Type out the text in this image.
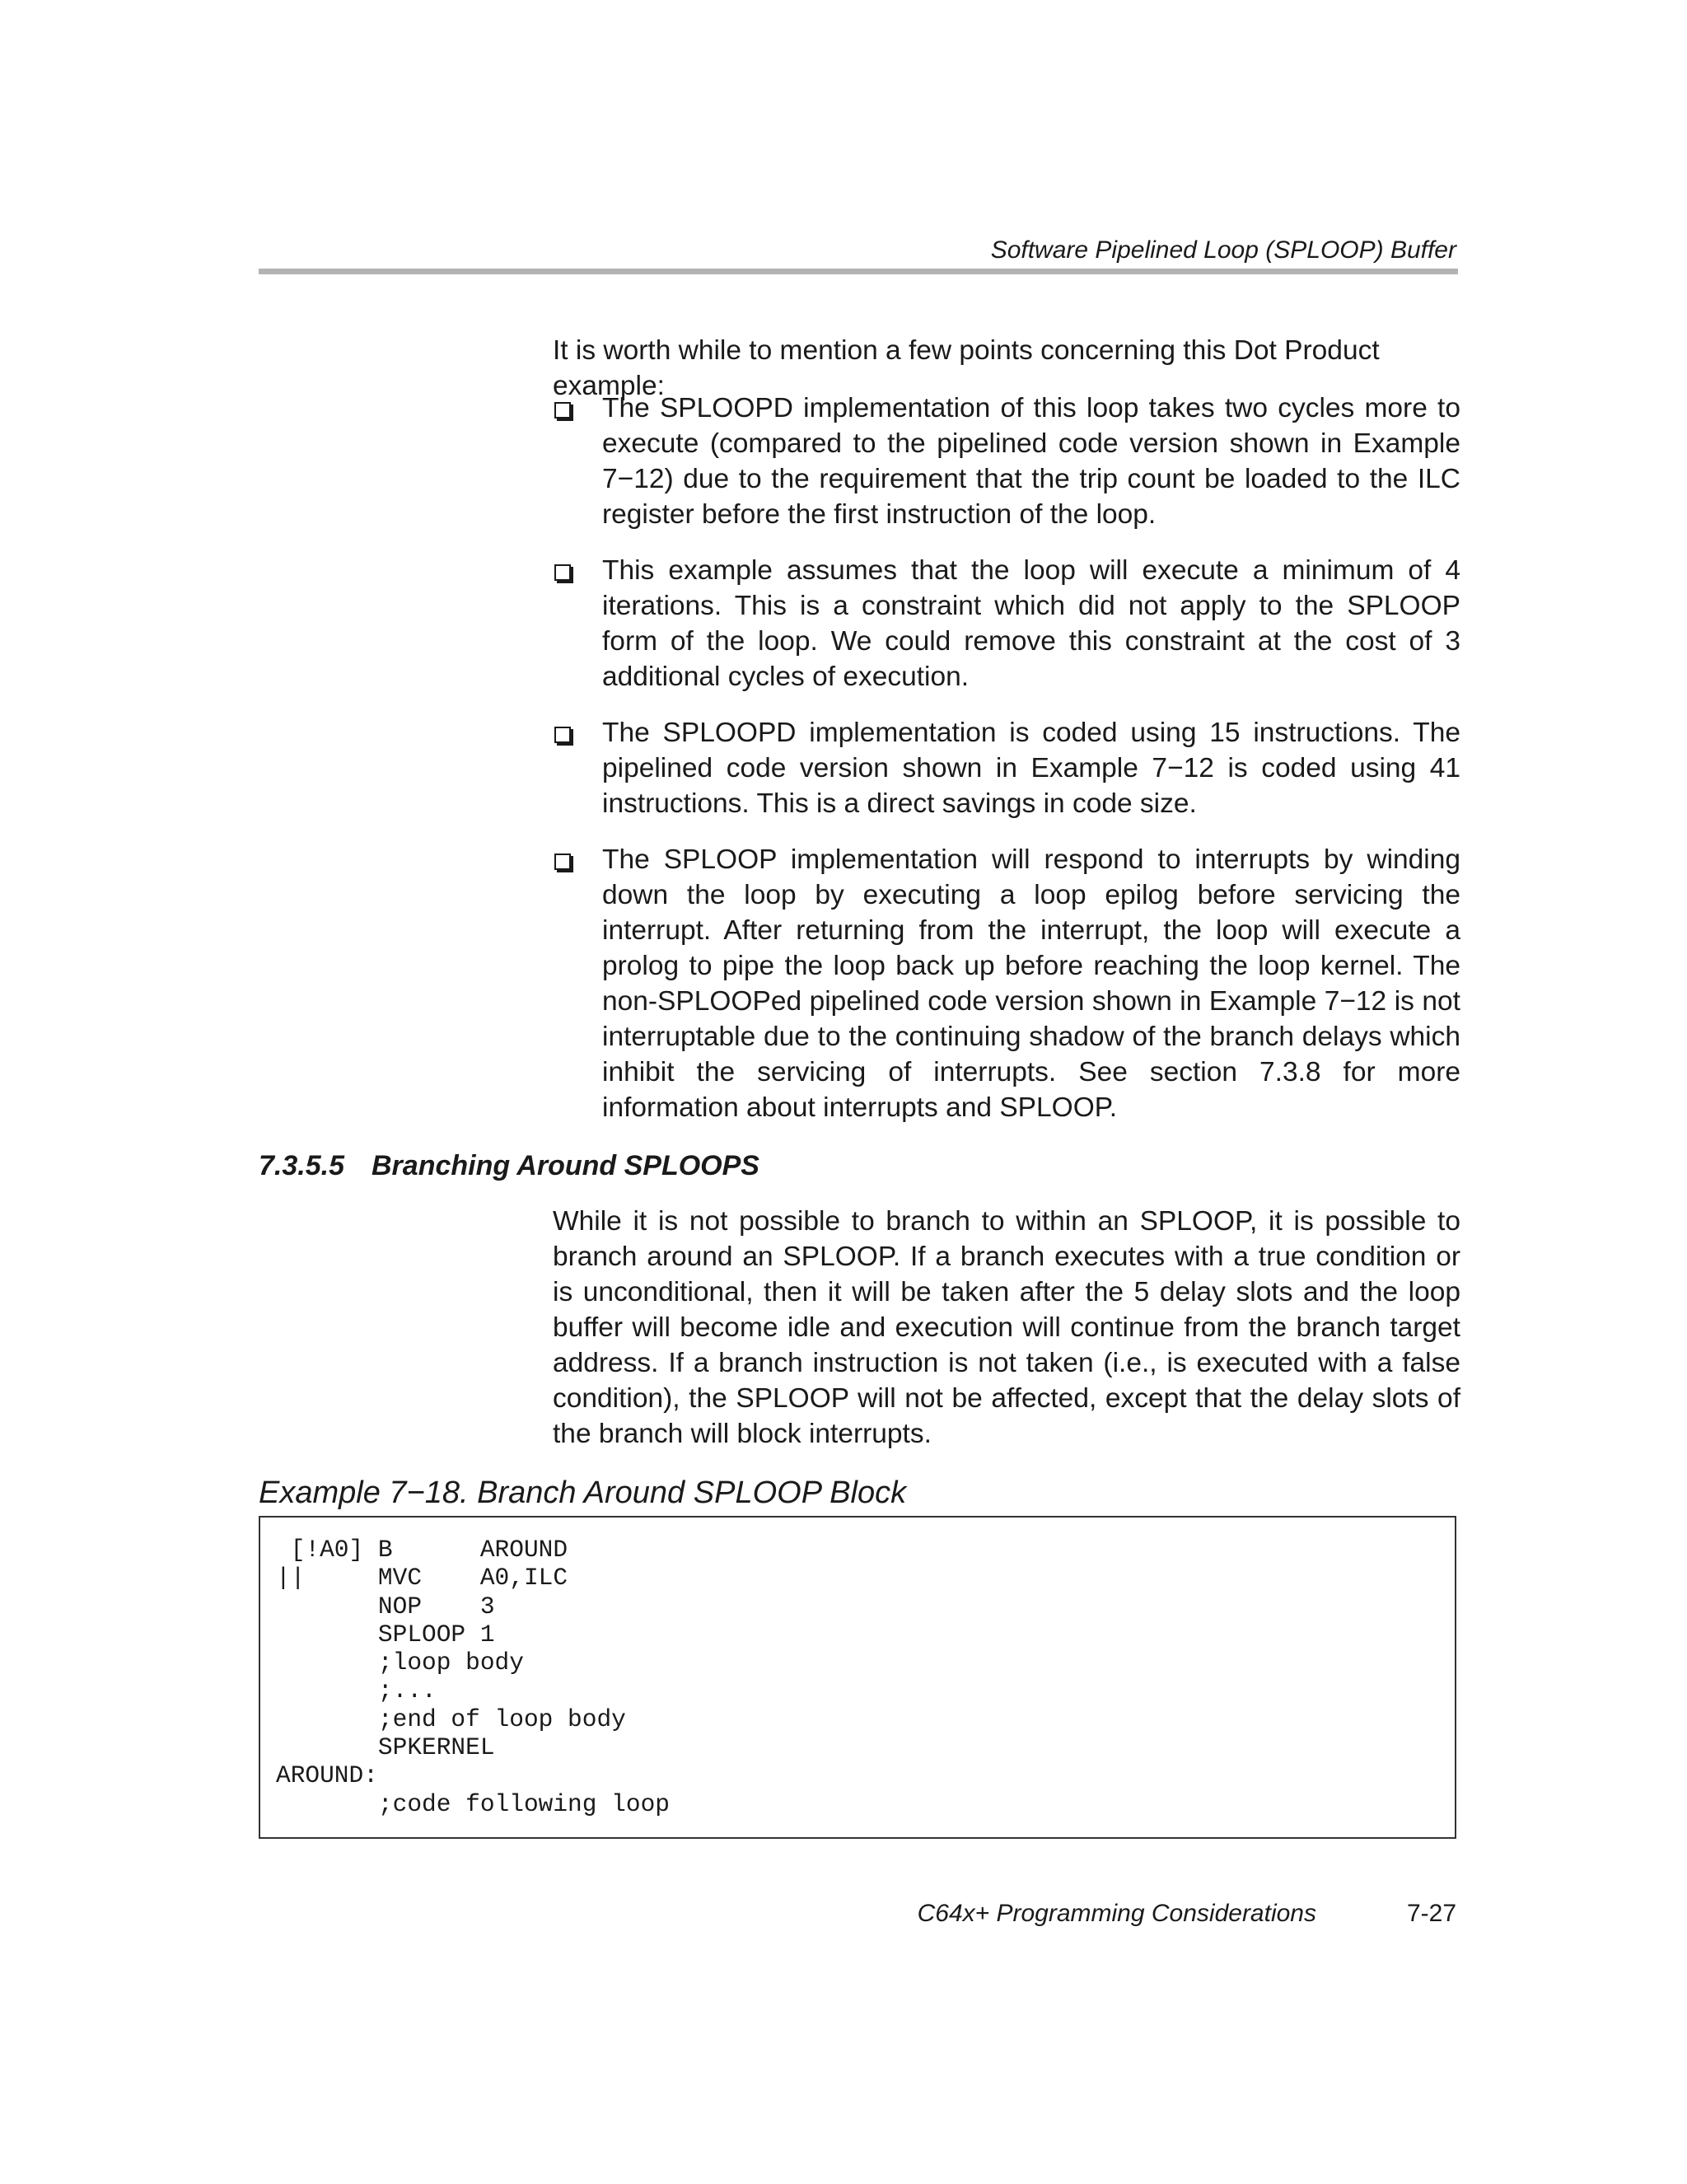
Software Pipelined Loop (SPLOOP) Buffer
It is worth while to mention a few points concerning this Dot Product example:
The SPLOOPD implementation of this loop takes two cycles more to execute (compared to the pipelined code version shown in Example 7−12) due to the requirement that the trip count be loaded to the ILC register before the first instruction of the loop.
This example assumes that the loop will execute a minimum of 4 iterations. This is a constraint which did not apply to the SPLOOP form of the loop. We could remove this constraint at the cost of 3 additional cycles of execution.
The SPLOOPD implementation is coded using 15 instructions. The pipelined code version shown in Example 7−12 is coded using 41 instructions. This is a direct savings in code size.
The SPLOOP implementation will respond to interrupts by winding down the loop by executing a loop epilog before servicing the interrupt. After returning from the interrupt, the loop will execute a prolog to pipe the loop back up before reaching the loop kernel. The non-SPLOOPed pipelined code version shown in Example 7−12 is not interruptable due to the continuing shadow of the branch delays which inhibit the servicing of interrupts. See section 7.3.8 for more information about interrupts and SPLOOP.
7.3.5.5 Branching Around SPLOOPS
While it is not possible to branch to within an SPLOOP, it is possible to branch around an SPLOOP. If a branch executes with a true condition or is unconditional, then it will be taken after the 5 delay slots and the loop buffer will become idle and execution will continue from the branch target address. If a branch instruction is not taken (i.e., is executed with a false condition), the SPLOOP will not be affected, except that the delay slots of the branch will block interrupts.
Example 7−18. Branch Around SPLOOP Block
[!A0] B      AROUND
||     MVC    A0,ILC
NOP    3
SPLOOP 1
;loop body
;...
;end of loop body
SPKERNEL
AROUND:
;code following loop
C64x+ Programming Considerations	7-27
